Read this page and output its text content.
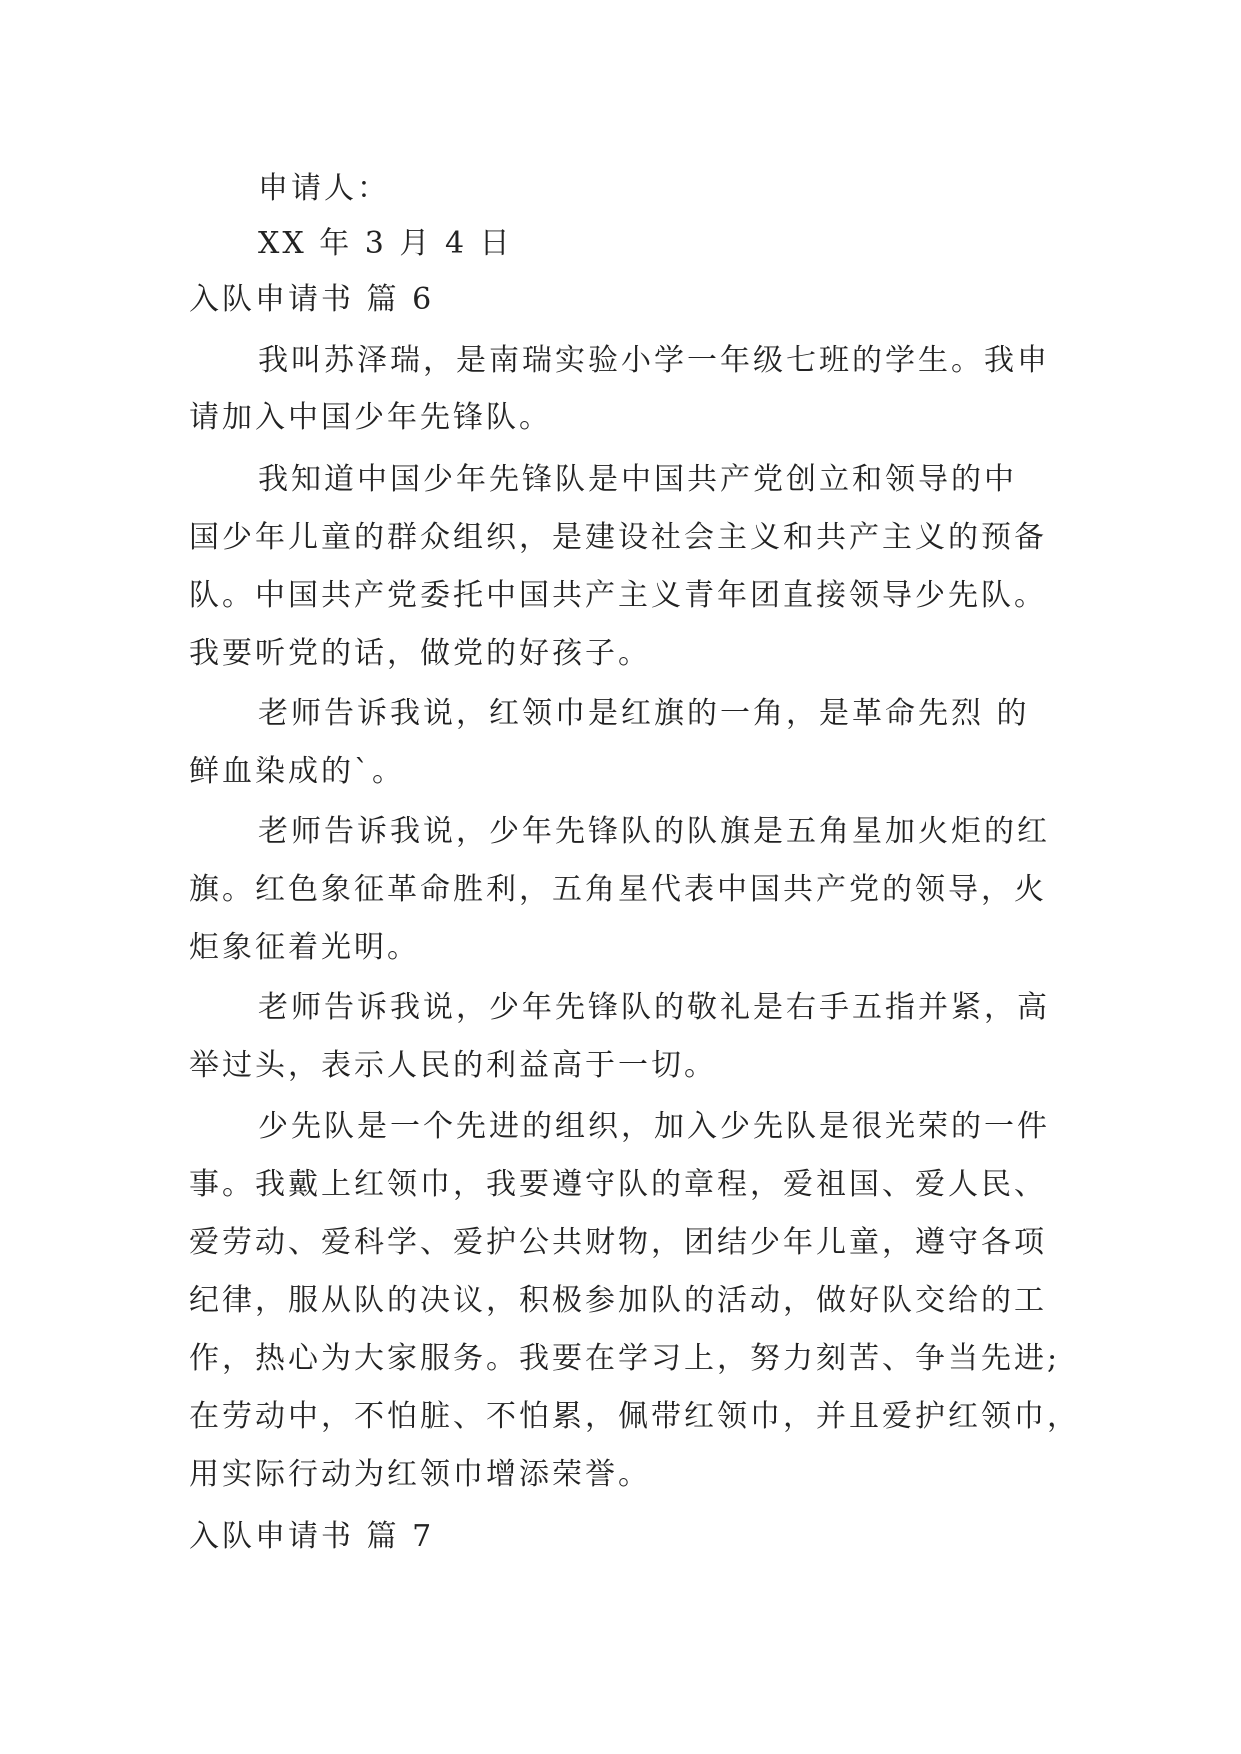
申请人：
XX 年 3 月 4 日
入队申请书 篇 6
我叫苏泽瑞，是南瑞实验小学一年级七班的学生。我申
请加入中国少年先锋队。
我知道中国少年先锋队是中国共产党创立和领导的中
国少年儿童的群众组织，是建设社会主义和共产主义的预备
队。中国共产党委托中国共产主义青年团直接领导少先队。
我要听党的话，做党的好孩子。
老师告诉我说，红领巾是红旗的一角，是革命先烈 的
鲜血染成的`。
老师告诉我说，少年先锋队的队旗是五角星加火炬的红
旗。红色象征革命胜利，五角星代表中国共产党的领导，火
炬象征着光明。
老师告诉我说，少年先锋队的敬礼是右手五指并紧，高
举过头，表示人民的利益高于一切。
少先队是一个先进的组织，加入少先队是很光荣的一件
事。我戴上红领巾，我要遵守队的章程，爱祖国、爱人民、
爱劳动、爱科学、爱护公共财物，团结少年儿童，遵守各项
纪律，服从队的决议，积极参加队的活动，做好队交给的工
作，热心为大家服务。我要在学习上，努力刻苦、争当先进;
在劳动中，不怕脏、不怕累，佩带红领巾，并且爱护红领巾，
用实际行动为红领巾增添荣誉。
入队申请书 篇 7
